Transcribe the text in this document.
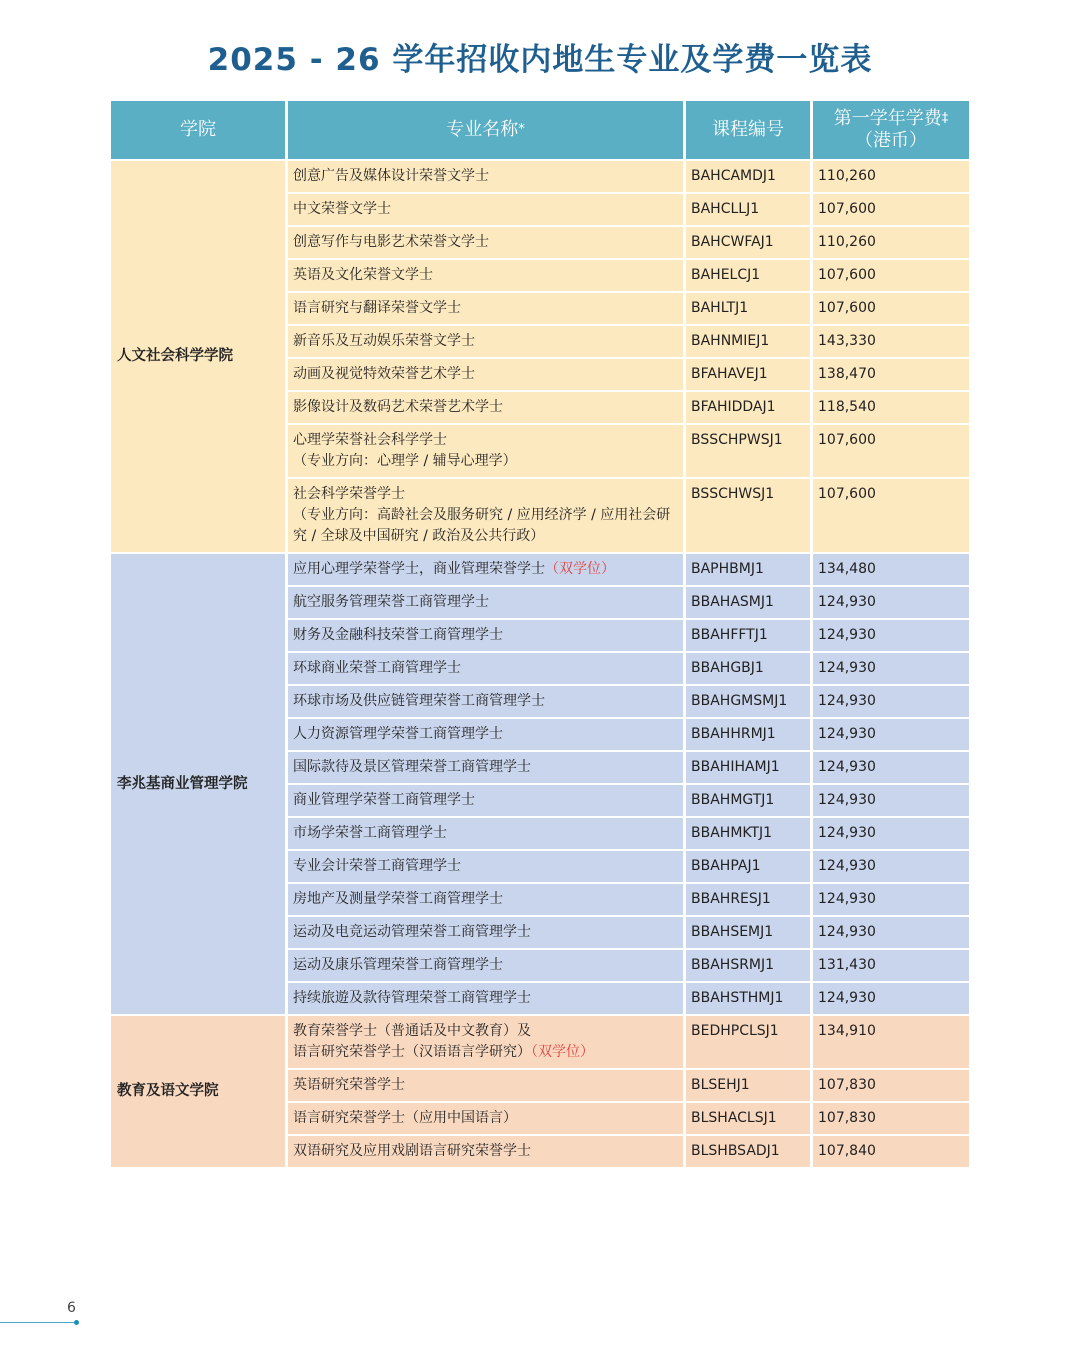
2025 - 26 学年招收内地生专业及学费一览表
学院	专业名称*	课程编号	第一学年学费‡
（港币）
人文社会科学学院	创意广告及媒体设计荣誉文学士	BAHCAMDJ1	110,260
	中文荣誉文学士	BAHCLLJ1	107,600
	创意写作与电影艺术荣誉文学士	BAHCWFAJ1	110,260
	英语及文化荣誉文学士	BAHELCJ1	107,600
	语言研究与翻译荣誉文学士	BAHLTJ1	107,600
	新音乐及互动娱乐荣誉文学士	BAHNMIEJ1	143,330
	动画及视觉特效荣誉艺术学士	BFAHAVEJ1	138,470
	影像设计及数码艺术荣誉艺术学士	BFAHIDDAJ1	118,540
	心理学荣誉社会科学学士
（专业方向：心理学 / 辅导心理学）	BSSCHPWSJ1	107,600
	社会科学荣誉学士
（专业方向：高龄社会及服务研究 / 应用经济学 / 应用社会研究 / 全球及中国研究 / 政治及公共行政）	BSSCHWSJ1	107,600
李兆基商业管理学院	应用心理学荣誉学士，商业管理荣誉学士（双学位）	BAPHBMJ1	134,480
	航空服务管理荣誉工商管理学士	BBAHASMJ1	124,930
	财务及金融科技荣誉工商管理学士	BBAHFFTJ1	124,930
	环球商业荣誉工商管理学士	BBAHGBJ1	124,930
	环球市场及供应链管理荣誉工商管理学士	BBAHGMSMJ1	124,930
	人力资源管理学荣誉工商管理学士	BBAHHRMJ1	124,930
	国际款待及景区管理荣誉工商管理学士	BBAHIHAMJ1	124,930
	商业管理学荣誉工商管理学士	BBAHMGTJ1	124,930
	市场学荣誉工商管理学士	BBAHMKTJ1	124,930
	专业会计荣誉工商管理学士	BBAHPAJ1	124,930
	房地产及测量学荣誉工商管理学士	BBAHRESJ1	124,930
	运动及电竞运动管理荣誉工商管理学士	BBAHSEMJ1	124,930
	运动及康乐管理荣誉工商管理学士	BBAHSRMJ1	131,430
	持续旅遊及款待管理荣誉工商管理学士	BBAHSTHMJ1	124,930
教育及语文学院	教育荣誉学士（普通话及中文教育）及
语言研究荣誉学士（汉语语言学研究）（双学位）	BEDHPCLSJ1	134,910
	英语研究荣誉学士	BLSEHJ1	107,830
	语言研究荣誉学士（应用中国语言）	BLSHACLSJ1	107,830
	双语研究及应用戏剧语言研究荣誉学士	BLSHBSADJ1	107,840
6
